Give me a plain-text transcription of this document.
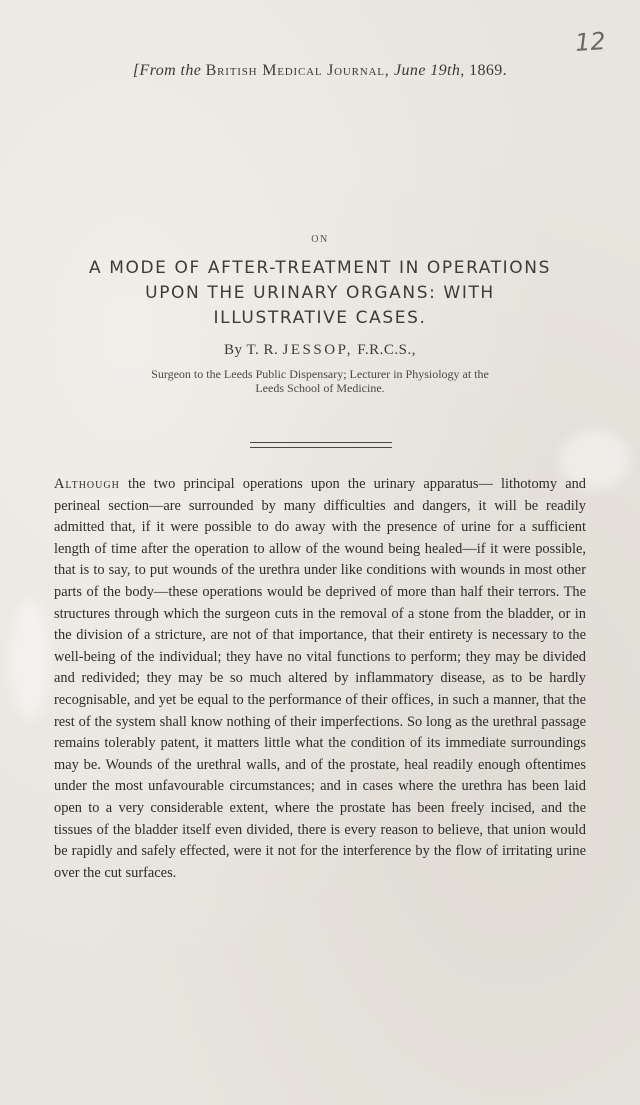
12
[From the British Medical Journal, June 19th, 1869.
ON
A MODE OF AFTER-TREATMENT IN OPERATIONS
UPON THE URINARY ORGANS: WITH
ILLUSTRATIVE CASES.
By T. R. JESSOP, F.R.C.S.,
Surgeon to the Leeds Public Dispensary; Lecturer in Physiology at the
Leeds School of Medicine.
Although the two principal operations upon the urinary apparatus— lithotomy and perineal section—are surrounded by many difficulties and dangers, it will be readily admitted that, if it were possible to do away with the presence of urine for a sufficient length of time after the operation to allow of the wound being healed—if it were possible, that is to say, to put wounds of the urethra under like conditions with wounds in most other parts of the body—these operations would be deprived of more than half their terrors. The structures through which the surgeon cuts in the removal of a stone from the bladder, or in the division of a stricture, are not of that importance, that their entirety is necessary to the well-being of the individual; they have no vital functions to perform; they may be divided and redivided; they may be so much altered by inflammatory disease, as to be hardly recognisable, and yet be equal to the performance of their offices, in such a manner, that the rest of the system shall know nothing of their imperfections. So long as the urethral passage remains tolerably patent, it matters little what the condition of its immediate surroundings may be. Wounds of the urethral walls, and of the prostate, heal readily enough oftentimes under the most unfavourable circumstances; and in cases where the urethra has been laid open to a very considerable extent, where the prostate has been freely incised, and the tissues of the bladder itself even divided, there is every reason to believe, that union would be rapidly and safely effected, were it not for the interference by the flow of irritating urine over the cut surfaces.
